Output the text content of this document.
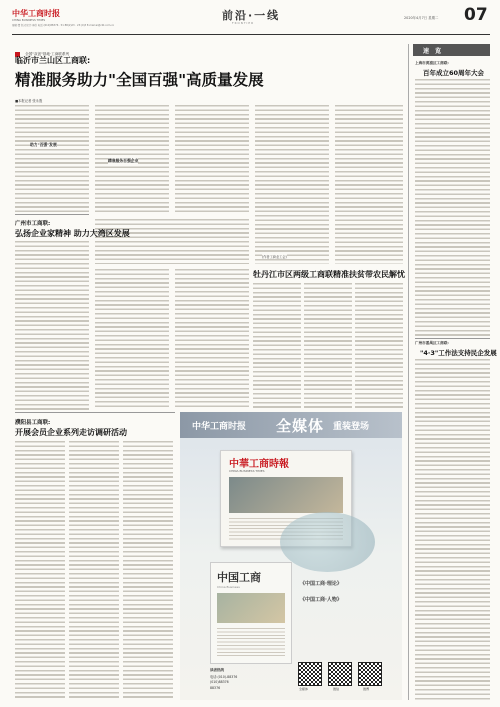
中华工商时报
CHINA BUSINESS TIMES
编辑:曹 版式设计:李欣 电话:(010)88376 · 51:88(2)23 · 23:(0)3 E-mail:ai@cbt.com.cn
前沿·一线
FRONTIER
2020年4月7日 星期二 07
全国"双创"基地·工商联系列
临沂市兰山区工商联:
精准服务助力"全国百强"高质量发展
■本报记者 张永胜
助力"百强"发展
精准服务百强企业
广州市工商联:
弘扬企业家精神 助力大湾区发展
牡丹江市区两级工商联精准扶贫带农民解忧
(作者工商业工会)
濮阳县工商联:
开展会员企业系列走访调研活动
中华工商时报 全媒体 重装登场
中華工商時報
CHINA BUSINESS TIMES
中国工商
China Business	《中国工商·理论》
《中国工商·人物》
读者热线
电话:(010)-88376
(010)88376
88376	全媒体	微信	微博
速 览
上海市黄浦区工商联:
百年成立60周年大会
广州市番禺区工商联:
"4·3"工作法支持民企发展
